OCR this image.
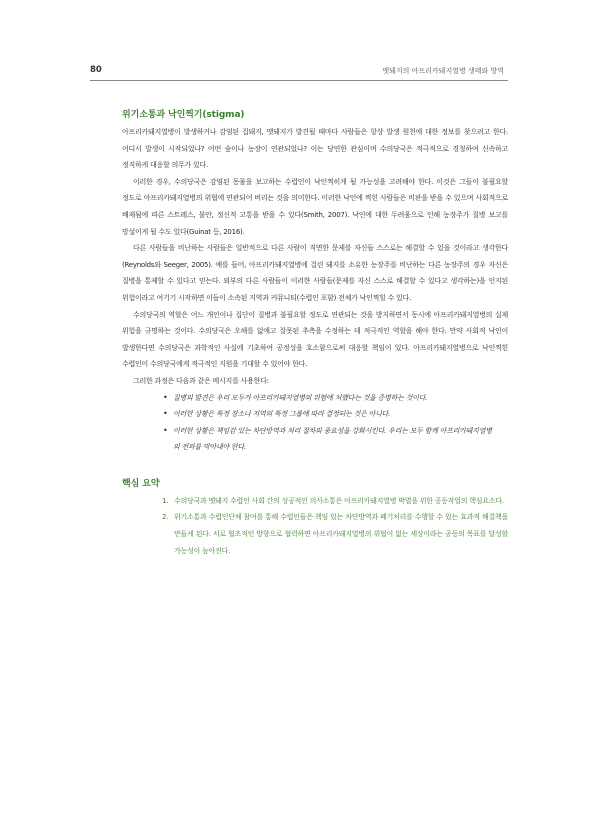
80	멧돼지의 아프리카돼지열병 생태와 방역
위기소통과 낙인찍기(stigma)

아프리카돼지열병이 발생하거나 감염된 집돼지, 멧돼지가 발견될 때마다 사람들은 항상 발생 원천에 대한 정보를 찾으려고 한다. 어디서 발생이 시작되었나? 어떤 숲이나 농장이 연관되었나? 이는 당연한 관심이며 수의당국은 적극적으로 경청하여 신속하고 정직하게 대응할 의무가 있다.

이러한 경우, 수의당국은 감염된 동물을 보고하는 수렵인이 낙인찍히게 될 가능성을 고려해야 한다. 이것은 그들이 불필요할 정도로 아프리카돼지열병의 위협에 연관되어 버리는 것을 의미한다. 이러한 낙인에 찍힌 사람들은 비판을 받을 수 있으며 사회적으로 배제됨에 따른 스트레스, 불안, 정신적 고통을 받을 수 있다(Smith, 2007). 낙인에 대한 두려움으로 인해 농장주가 질병 보고를 망설이게 될 수도 있다(Guinat 등, 2016).

다른 사람들을 비난하는 사람들은 일반적으로 다른 사람이 직면한 문제를 자신들 스스로는 해결할 수 있을 것이라고 생각한다(Reynolds와 Seeger, 2005). 예를 들어, 아프리카돼지열병에 걸린 돼지를 소유한 농장주를 비난하는 다른 농장주의 경우 자신은 질병을 통제할 수 있다고 믿는다. 외부의 다른 사람들이 이러한 사람들(문제를 자신 스스로 해결할 수 있다고 생각하는)을 인지된 위험이라고 여기기 시작하면 이들이 소속된 지역과 커뮤니티(수렵인 포함) 전체가 낙인찍힐 수 있다.

수의당국의 역할은 어느 개인이나 집단이 질병과 불필요할 정도로 연관되는 것을 방지하면서 동시에 아프리카돼지열병의 실제 위험을 규명하는 것이다. 수의당국은 오해를 없애고 잘못된 추측을 수정하는 데 적극적인 역할을 해야 한다. 만약 사회적 낙인이 발생한다면 수의당국은 과학적인 사실에 기초하여 공정성을 호소함으로써 대응할 책임이 있다. 아프리카돼지열병으로 낙인찍힌 수렵인이 수의당국에게 적극적인 지원을 기대할 수 있어야 한다.

그러한 과정은 다음과 같은 메시지를 사용한다:

• 질병의 발견은 우리 모두가 아프리카돼지열병의 위험에 처했다는 것을 증명하는 것이다.
• 이러한 상황은 특정 장소나 지역의 특정 그룹에 따라 결정되는 것은 아니다.
• 이러한 상황은 책임감 있는 차단방역과 처리 절차의 중요성을 강화시킨다. 우리는 모두 함께 아프리카돼지열병의 전파를 막아내야 한다.
핵심 요약
1. 수의당국과 멧돼지 수렵인 사회 간의 성공적인 의사소통은 아프리카돼지열병 박멸을 위한 공동작업의 핵심요소다.
2. 위기소통과 수렵인단체 참여를 통해 수렵인들은 책임 있는 차단방역과 폐기처리를 수행할 수 있는 효과적 해결책을 만들게 된다. 서로 협조적인 방향으로 협력하면 아프리카돼지열병의 위협이 없는 세상이라는 공동의 목표를 달성할 가능성이 높아진다.
